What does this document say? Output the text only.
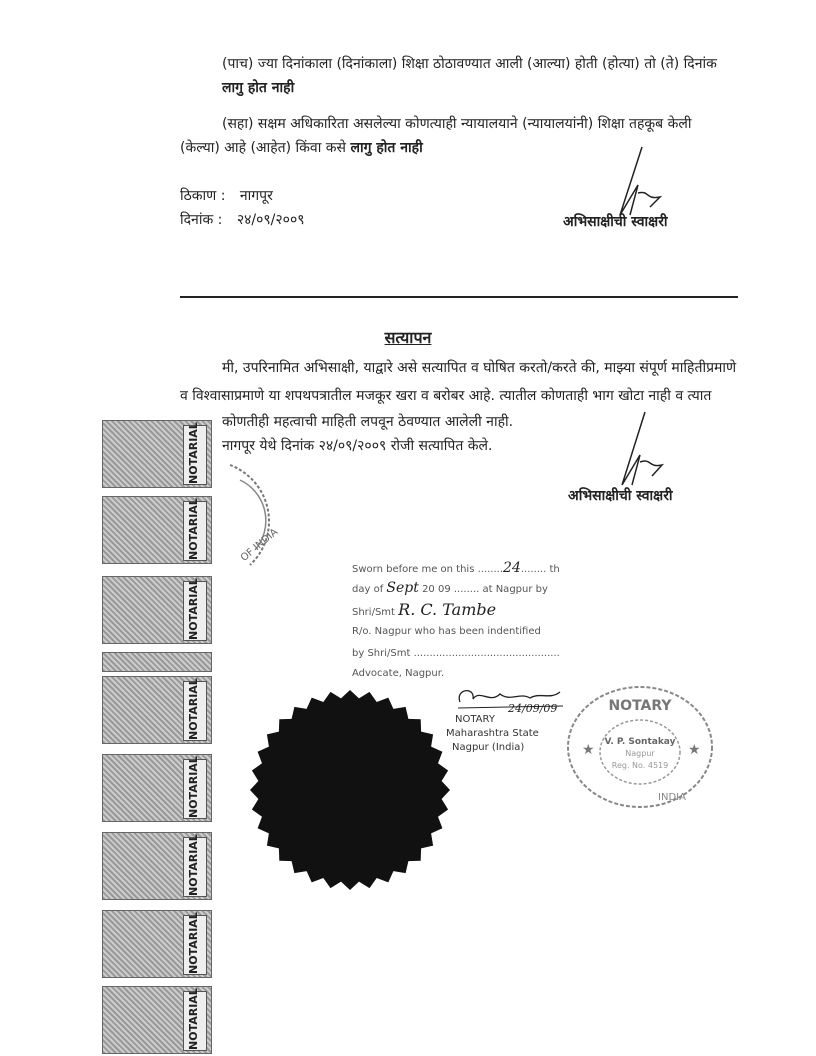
(पाच) ज्या दिनांकाला (दिनांकाला) शिक्षा ठोठावण्यात आली (आल्या) होती (होत्या) तो (ते) दिनांक
लागु होत नाही
(सहा) सक्षम अधिकारिता असलेल्या कोणत्याही न्यायालयाने (न्यायालयांनी) शिक्षा तहकूब केली
(केल्या) आहे (आहेत) किंवा कसे लागु होत नाही
ठिकाण : नागपूर
दिनांक : २४/०९/२००९	अभिसाक्षीची स्वाक्षरी
सत्यापन
मी, उपरिनामित अभिसाक्षी, याद्वारे असे सत्यापित व घोषित करतो/करते की, माझ्या संपूर्ण माहितीप्रमाणे
व विश्वासाप्रमाणे या शपथपत्रातील मजकूर खरा व बरोबर आहे. त्यातील कोणताही भाग खोटा नाही व त्यात
कोणतीही महत्वाची माहिती लपवून ठेवण्यात आलेली नाही.
नागपूर येथे दिनांक २४/०९/२००९ रोजी सत्यापित केले.
अभिसाक्षीची स्वाक्षरी
NOTARIAL
NOTARIAL
NOTARIAL
NOTARIAL
NOTARIAL
NOTARIAL
NOTARIAL
NOTARIAL
OF INDIA
Sworn before me on this ........24........ th
day of Sept 20 09 ........ at Nagpur by
Shri/Smt R. C. Tambe
R/o. Nagpur who has been indentified
by Shri/Smt ..............................................
Advocate, Nagpur.
24/09/09
NOTARY
Maharashtra State
Nagpur (India)
NOTARY
V. P. Sontakay
Nagpur
Reg. No. 4519
INDIA
★	★
